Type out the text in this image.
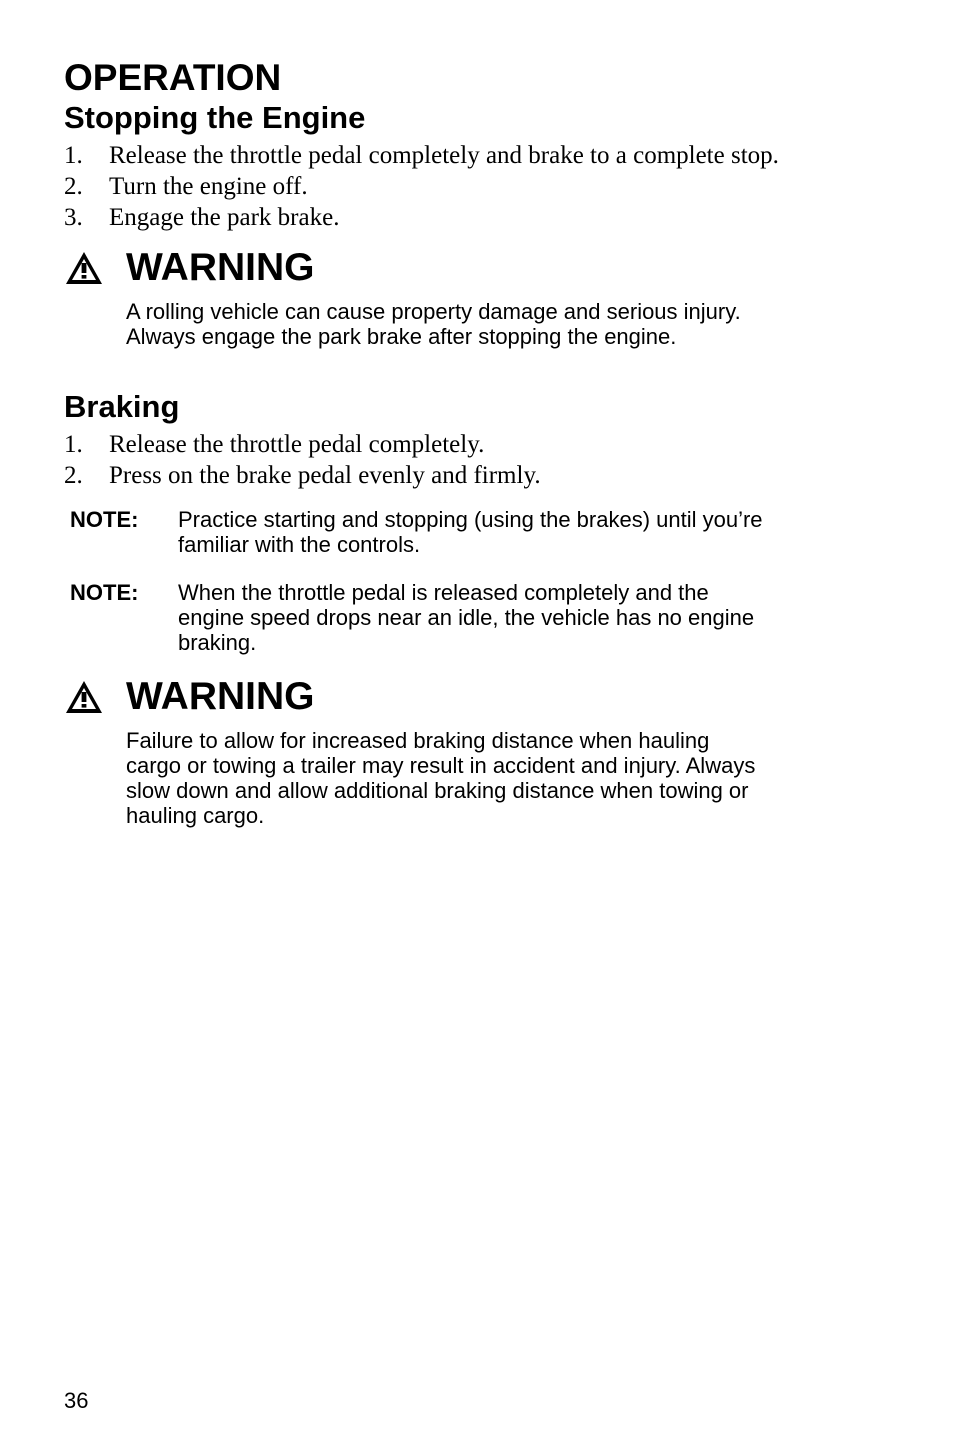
OPERATION
Stopping the Engine
1.	Release the throttle pedal completely and brake to a complete stop.
2.	Turn the engine off.
3.	Engage the park brake.
WARNING

A rolling vehicle can cause property damage and serious injury.
Always engage the park brake after stopping the engine.

Braking
1.	Release the throttle pedal completely.
2.	Press on the brake pedal evenly and firmly.
NOTE:	Practice starting and stopping (using the brakes) until you’re
familiar with the controls.
NOTE:	When the throttle pedal is released completely and the
engine speed drops near an idle, the vehicle has no engine
braking.
WARNING

Failure to allow for increased braking distance when hauling
cargo or towing a trailer may result in accident and injury. Always
slow down and allow additional braking distance when towing or
hauling cargo.

36
